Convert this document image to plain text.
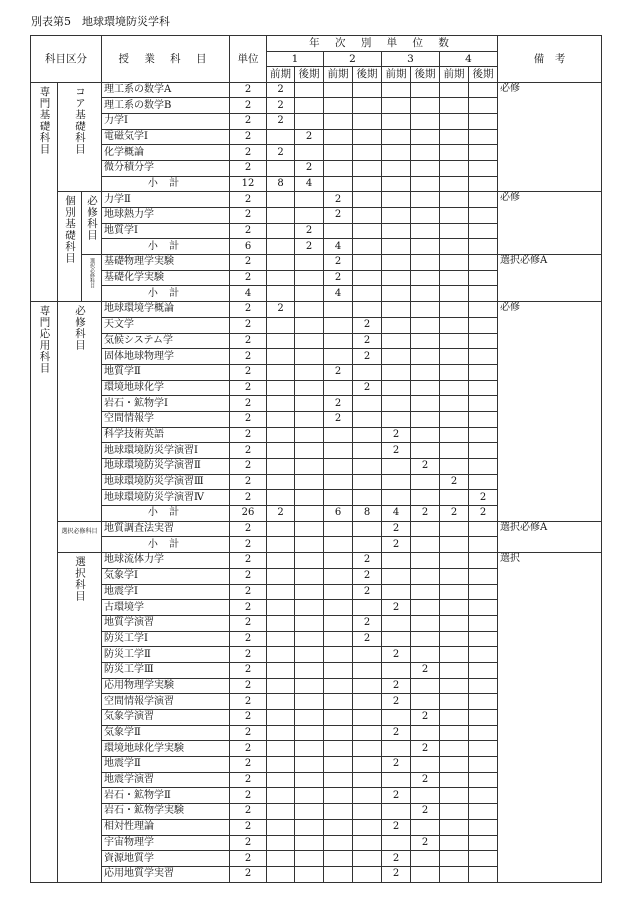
別表第5　地球環境防災学科
科目区分			授 業 科 目	単位	年 次 別 単 位 数								備　考
					1		2		3		4		
					前期	後期	前期	後期	前期	後期	前期	後期	
専門基礎科目	コア基礎科目		理工系の数学A	2	2								必修
			理工系の数学B	2	2								
			力学Ⅰ	2	2								
			電磁気学Ⅰ	2		2							
			化学概論	2	2								
			微分積分学	2		2							
			小 計	12	8	4							
	個別基礎科目	必修科目	力学Ⅱ	2			2						必修
			地球熱力学	2			2						
			地質学Ⅰ	2		2							
			小 計	6		2	4						
		選択必修科目	基礎物理学実験	2			2						選択必修A
			基礎化学実験	2			2						
			小 計	4			4						
専門応用科目	必修科目		地球環境学概論	2	2								必修
			天文学	2				2					
			気候システム学	2				2					
			固体地球物理学	2				2					
			地質学Ⅱ	2			2						
			環境地球化学	2				2					
			岩石・鉱物学Ⅰ	2			2						
			空間情報学	2			2						
			科学技術英語	2					2				
			地球環境防災学演習Ⅰ	2					2				
			地球環境防災学演習Ⅱ	2						2			
			地球環境防災学演習Ⅲ	2							2		
			地球環境防災学演習Ⅳ	2								2	
			小 計	26	2		6	8	4	2	2	2	
	選択必修科目		地質調査法実習	2					2				選択必修A
			小 計	2					2				
	選択科目		地球流体力学	2				2					選択
			気象学Ⅰ	2				2					
			地震学Ⅰ	2				2					
			古環境学	2					2				
			地質学演習	2				2					
			防災工学Ⅰ	2				2					
			防災工学Ⅱ	2					2				
			防災工学Ⅲ	2						2			
			応用物理学実験	2					2				
			空間情報学演習	2					2				
			気象学演習	2						2			
			気象学Ⅱ	2					2				
			環境地球化学実験	2						2			
			地震学Ⅱ	2					2				
			地震学演習	2						2			
			岩石・鉱物学Ⅱ	2					2				
			岩石・鉱物学実験	2						2			
			相対性理論	2					2				
			宇宙物理学	2						2			
			資源地質学	2					2				
			応用地質学実習	2					2				
